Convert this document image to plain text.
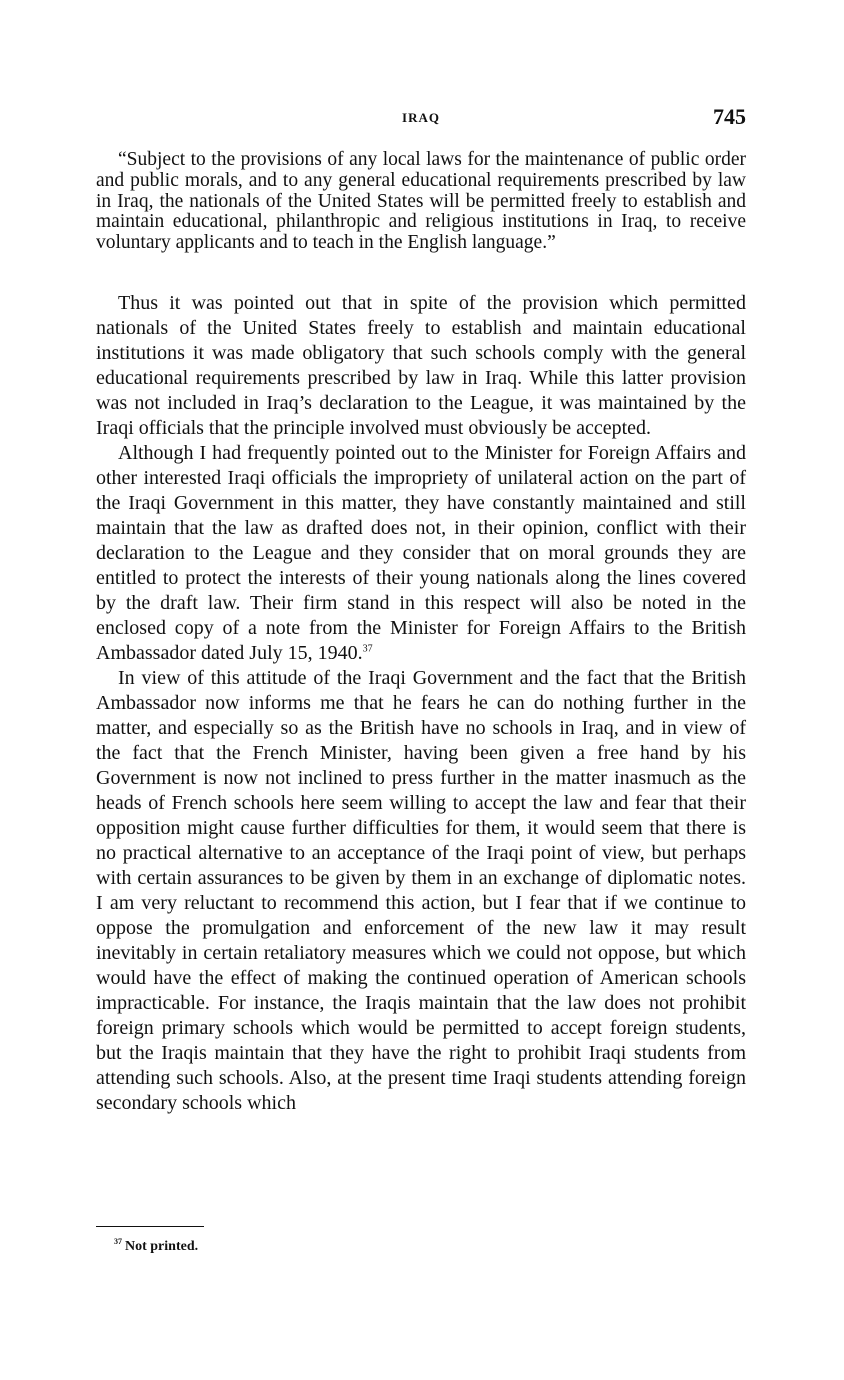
IRAQ	745

“Subject to the provisions of any local laws for the maintenance of public order and public morals, and to any general educational requirements prescribed by law in Iraq, the nationals of the United States will be permitted freely to establish and maintain educational, philanthropic and religious institutions in Iraq, to receive voluntary applicants and to teach in the English language.”

Thus it was pointed out that in spite of the provision which permitted nationals of the United States freely to establish and maintain educational institutions it was made obligatory that such schools comply with the general educational requirements prescribed by law in Iraq. While this latter provision was not included in Iraq’s declaration to the League, it was maintained by the Iraqi officials that the principle involved must obviously be accepted.

Although I had frequently pointed out to the Minister for Foreign Affairs and other interested Iraqi officials the impropriety of unilateral action on the part of the Iraqi Government in this matter, they have constantly maintained and still maintain that the law as drafted does not, in their opinion, conflict with their declaration to the League and they consider that on moral grounds they are entitled to protect the interests of their young nationals along the lines covered by the draft law. Their firm stand in this respect will also be noted in the enclosed copy of a note from the Minister for Foreign Affairs to the British Ambassador dated July 15, 1940.37

In view of this attitude of the Iraqi Government and the fact that the British Ambassador now informs me that he fears he can do nothing further in the matter, and especially so as the British have no schools in Iraq, and in view of the fact that the French Minister, having been given a free hand by his Government is now not inclined to press further in the matter inasmuch as the heads of French schools here seem willing to accept the law and fear that their opposition might cause further difficulties for them, it would seem that there is no practical alternative to an acceptance of the Iraqi point of view, but perhaps with certain assurances to be given by them in an exchange of diplomatic notes. I am very reluctant to recommend this action, but I fear that if we continue to oppose the promulgation and enforcement of the new law it may result inevitably in certain retaliatory measures which we could not oppose, but which would have the effect of making the continued operation of American schools impracticable. For instance, the Iraqis maintain that the law does not prohibit foreign primary schools which would be permitted to accept foreign students, but the Iraqis maintain that they have the right to prohibit Iraqi students from attending such schools. Also, at the present time Iraqi students attending foreign secondary schools which

$^{37}$ Not printed.
